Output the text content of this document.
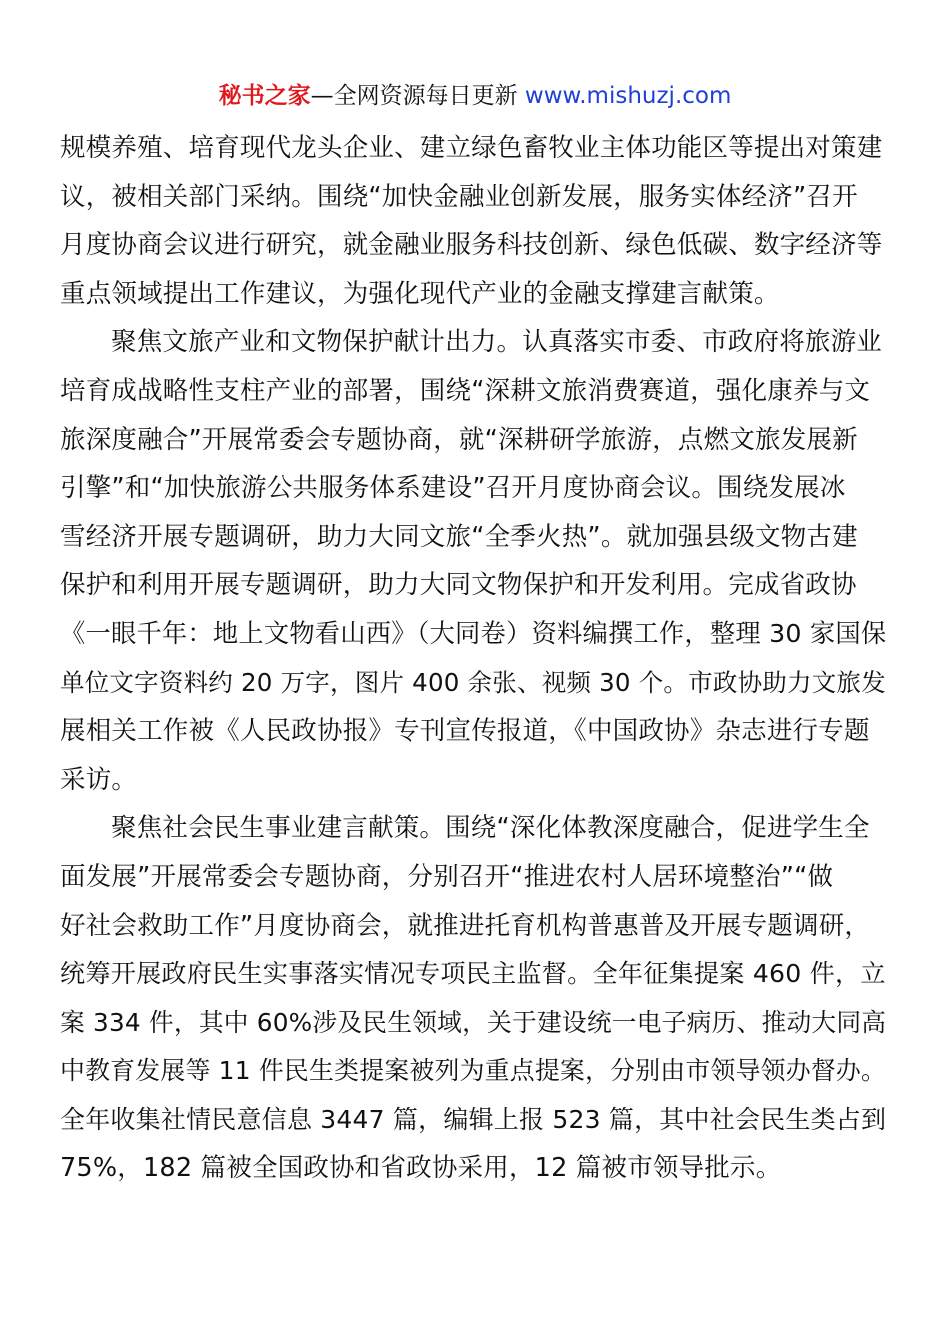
秘书之家—全网资源每日更新 www.mishuzj.com
规模养殖、培育现代龙头企业、建立绿色畜牧业主体功能区等提出对策建
议，被相关部门采纳。围绕“加快金融业创新发展，服务实体经济”召开
月度协商会议进行研究，就金融业服务科技创新、绿色低碳、数字经济等
重点领域提出工作建议，为强化现代产业的金融支撑建言献策。
聚焦文旅产业和文物保护献计出力。认真落实市委、市政府将旅游业
培育成战略性支柱产业的部署，围绕“深耕文旅消费赛道，强化康养与文
旅深度融合”开展常委会专题协商，就“深耕研学旅游，点燃文旅发展新
引擎”和“加快旅游公共服务体系建设”召开月度协商会议。围绕发展冰
雪经济开展专题调研，助力大同文旅“全季火热”。就加强县级文物古建
保护和利用开展专题调研，助力大同文物保护和开发利用。完成省政协
《一眼千年：地上文物看山西》（大同卷）资料编撰工作，整理 30 家国保
单位文字资料约 20 万字，图片 400 余张、视频 30 个。市政协助力文旅发
展相关工作被《人民政协报》专刊宣传报道，《中国政协》杂志进行专题
采访。
聚焦社会民生事业建言献策。围绕“深化体教深度融合，促进学生全
面发展”开展常委会专题协商，分别召开“推进农村人居环境整治”“做
好社会救助工作”月度协商会，就推进托育机构普惠普及开展专题调研，
统筹开展政府民生实事落实情况专项民主监督。全年征集提案 460 件，立
案 334 件，其中 60%涉及民生领域，关于建设统一电子病历、推动大同高
中教育发展等 11 件民生类提案被列为重点提案，分别由市领导领办督办。
全年收集社情民意信息 3447 篇，编辑上报 523 篇，其中社会民生类占到
75%，182 篇被全国政协和省政协采用，12 篇被市领导批示。
